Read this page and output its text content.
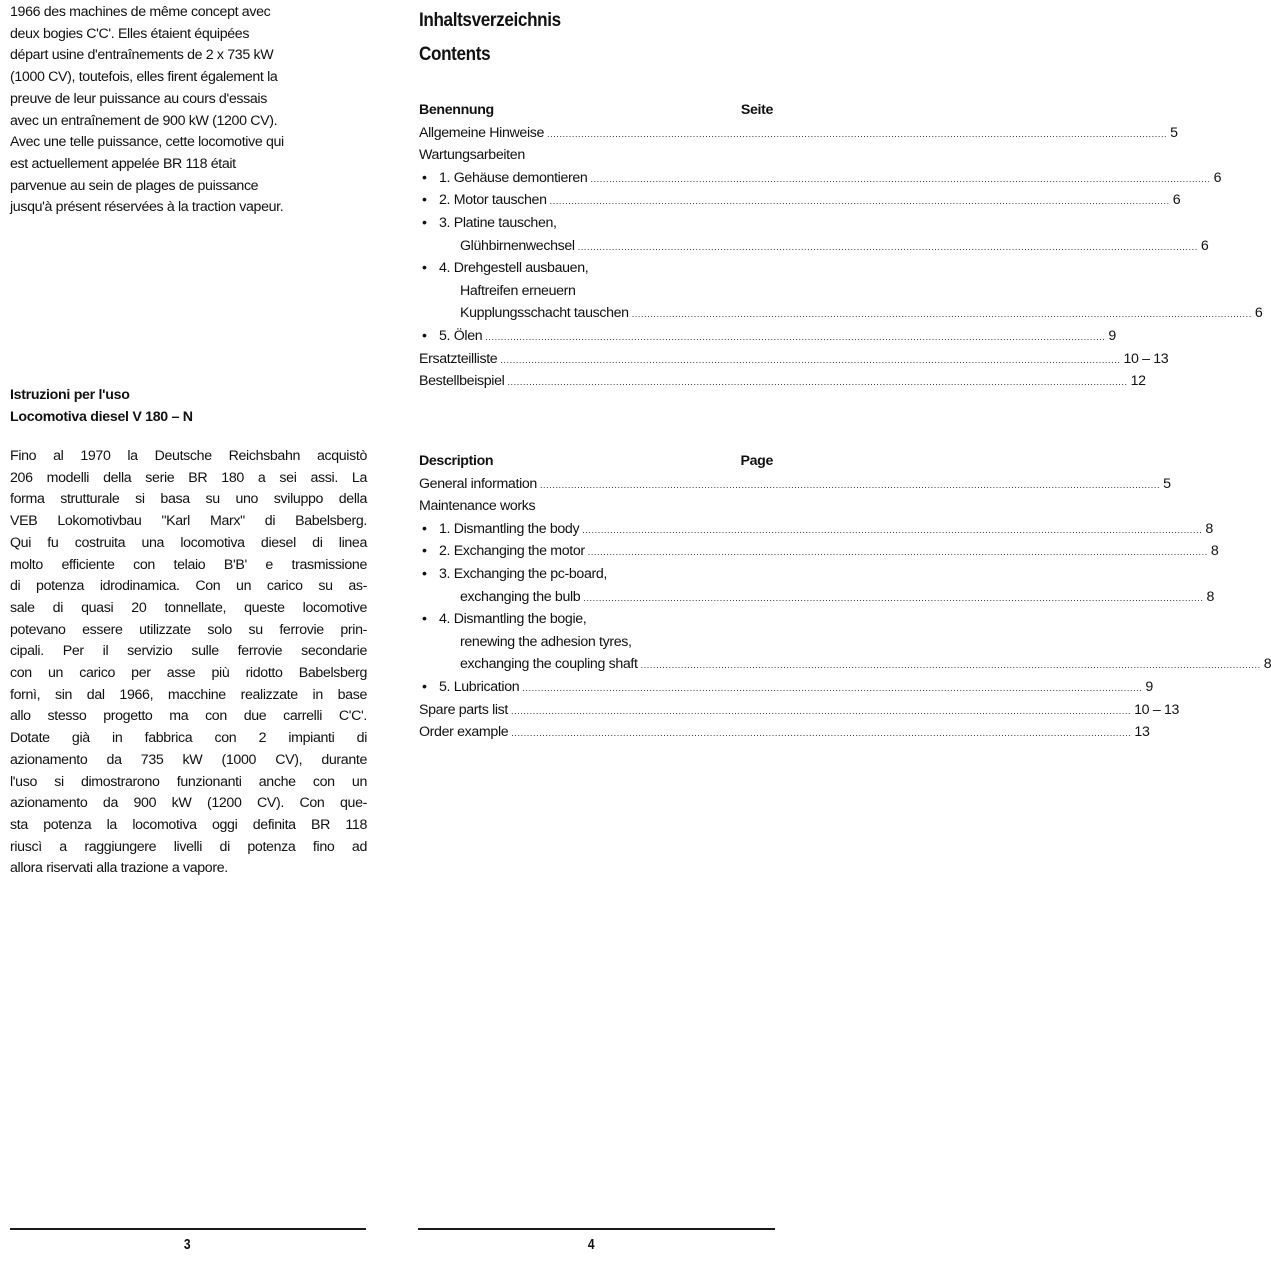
1966 des machines de même concept avec
deux bogies C'C'. Elles étaient équipées
départ usine d'entraînements de 2 x 735 kW
(1000 CV), toutefois, elles firent également la
preuve de leur puissance au cours d'essais
avec un entraînement de 900 kW (1200 CV).
Avec une telle puissance, cette locomotive qui
est actuellement appelée BR 118 était
parvenue au sein de plages de puissance
jusqu'à présent réservées à la traction vapeur.
Istruzioni per l'uso
Locomotiva diesel V 180 – N
Fino al 1970 la Deutsche Reichsbahn acquistò
206 modelli della serie BR 180 a sei assi. La
forma strutturale si basa su uno sviluppo della
VEB Lokomotivbau "Karl Marx" di Babelsberg.
Qui fu costruita una locomotiva diesel di linea
molto efficiente con telaio B'B' e trasmissione
di potenza idrodinamica. Con un carico su as-
sale di quasi 20 tonnellate, queste locomotive
potevano essere utilizzate solo su ferrovie prin-
cipali. Per il servizio sulle ferrovie secondarie
con un carico per asse più ridotto Babelsberg
fornì, sin dal 1966, macchine realizzate in base
allo stesso progetto ma con due carrelli C'C'.
Dotate già in fabbrica con 2 impianti di
azionamento da 735 kW (1000 CV), durante
l'uso si dimostrarono funzionanti anche con un
azionamento da 900 kW (1200 CV). Con que-
sta potenza la locomotiva oggi definita BR 118
riuscì a raggiungere livelli di potenza fino ad
allora riservati alla trazione a vapore.
Inhaltsverzeichnis
Contents
Benennung	Seite
Allgemeine Hinweise ........................................................................................................................................................................................................ 5
Wartungsarbeiten
• 1. Gehäuse demontieren ........................................................................................................................................................................................................ 6
• 2. Motor tauschen ........................................................................................................................................................................................................ 6
• 3. Platine tauschen,
Glühbirnenwechsel ........................................................................................................................................................................................................ 6
• 4. Drehgestell ausbauen,
Haftreifen erneuern
Kupplungsschacht tauschen ........................................................................................................................................................................................................ 6
• 5. Ölen ........................................................................................................................................................................................................ 9
Ersatzteilliste ........................................................................................................................................................................................................ 10 – 13
Bestellbeispiel ........................................................................................................................................................................................................ 12
Description	Page
General information ........................................................................................................................................................................................................ 5
Maintenance works
• 1. Dismantling the body ........................................................................................................................................................................................................ 8
• 2. Exchanging the motor ........................................................................................................................................................................................................ 8
• 3. Exchanging the pc-board,
exchanging the bulb ........................................................................................................................................................................................................ 8
• 4. Dismantling the bogie,
renewing the adhesion tyres,
exchanging the coupling shaft ........................................................................................................................................................................................................ 8
• 5. Lubrication ........................................................................................................................................................................................................ 9
Spare parts list ........................................................................................................................................................................................................ 10 – 13
Order example ........................................................................................................................................................................................................ 13
3	4
